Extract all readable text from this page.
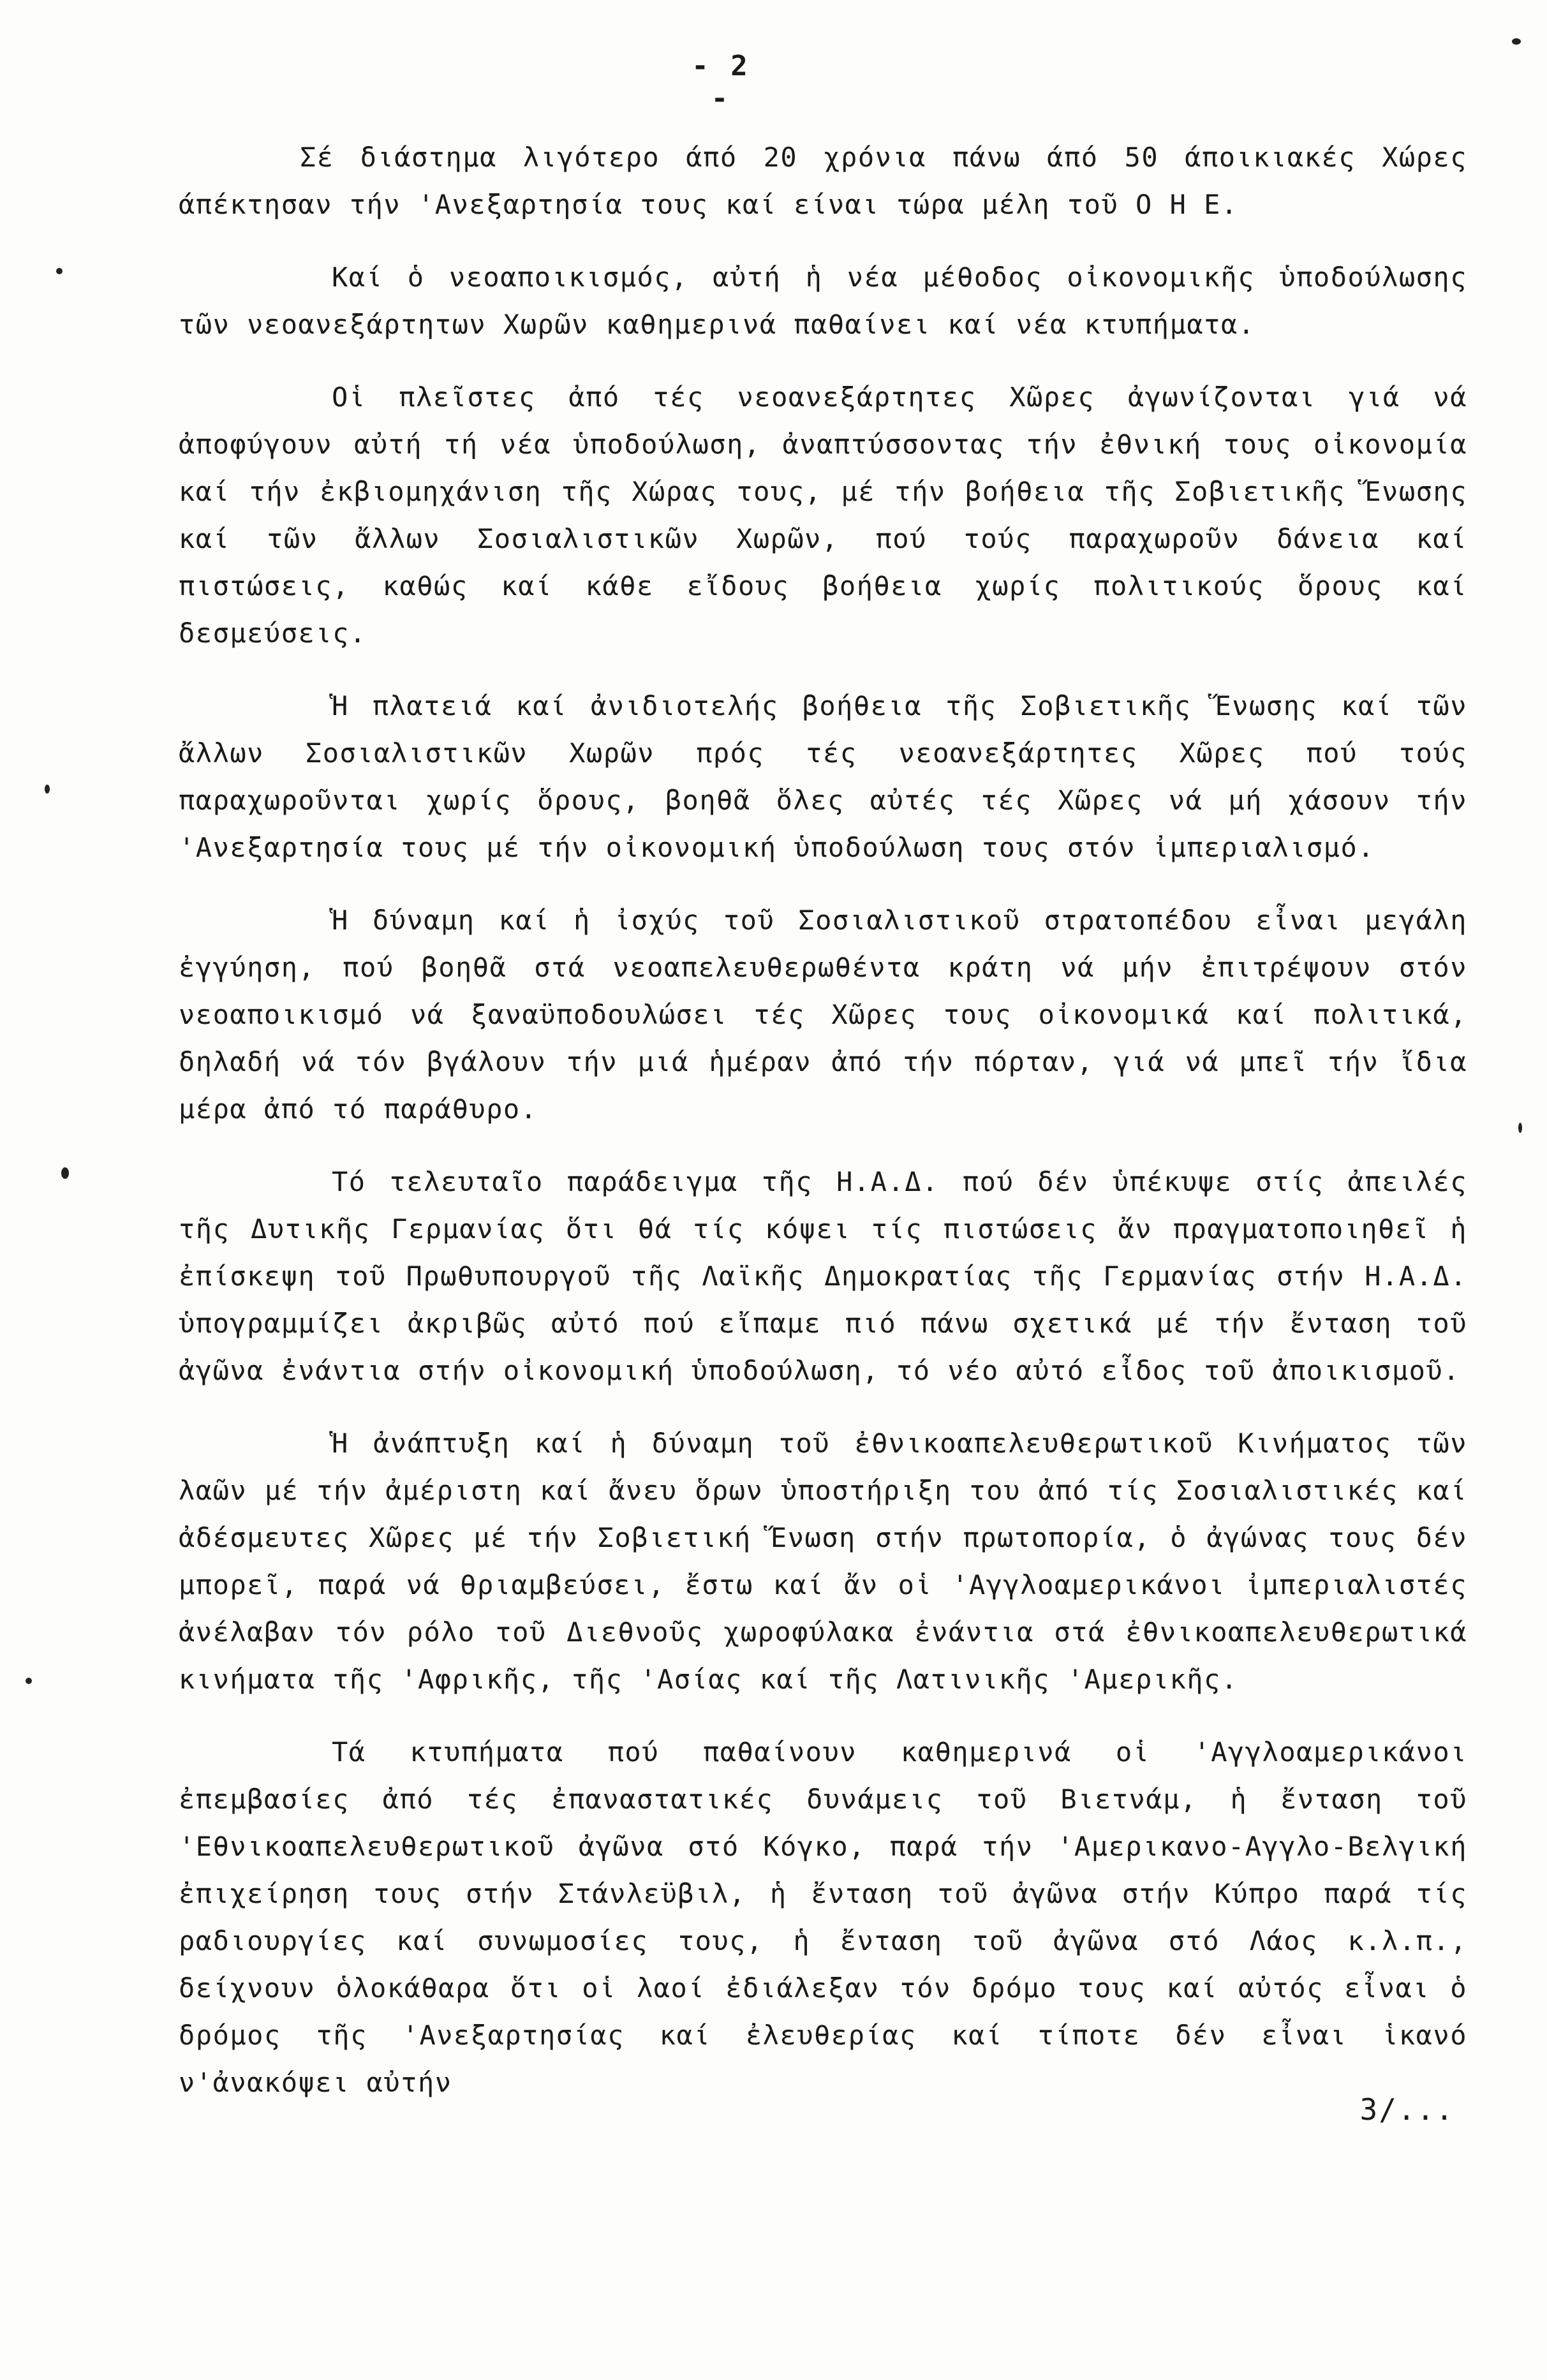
- 2 -

Σέ διάστημα λιγότερο άπό 20 χρόνια πάνω άπό 50 άποικιακές Χώρες άπέκτησαν τήν 'Ανεξαρτησία τους καί είναι τώρα μέλη τοῦ Ο Η Ε.

Καί ὁ νεοαποικισμός, αὐτή ἡ νέα μέθοδος οἰκονομικῆς ὑποδούλωσης τῶν νεοανεξάρτητων Χωρῶν καθημερινά παθαίνει καί νέα κτυπήματα.

Οἱ πλεῖστες ἀπό τές νεοανεξάρτητες Χῶρες ἀγωνίζονται γιά νά ἀποφύγουν αὐτή τή νέα ὑποδούλωση, ἀναπτύσσοντας τήν ἐθνική τους οἰκονομία καί τήν ἐκβιομηχάνιση τῆς Χώρας τους, μέ τήν βοήθεια τῆς Σοβιετικῆς Ἕνωσης καί τῶν ἄλλων Σοσιαλιστικῶν Χωρῶν, πού τούς παραχωροῦν δάνεια καί πιστώσεις, καθώς καί κάθε εἴδους βοήθεια χωρίς πολιτικούς ὅρους καί δεσμεύσεις.

Ἡ πλατειά καί ἀνιδιοτελής βοήθεια τῆς Σοβιετικῆς Ἕνωσης καί τῶν ἄλλων Σοσιαλιστικῶν Χωρῶν πρός τές νεοανεξάρτητες Χῶρες πού τούς παραχωροῦνται χωρίς ὅρους, βοηθᾶ ὅλες αὐτές τές Χῶρες νά μή χάσουν τήν 'Ανεξαρτησία τους μέ τήν οἰκονομική ὑποδούλωση τους στόν ἰμπεριαλισμό.

Ἡ δύναμη καί ἡ ἰσχύς τοῦ Σοσιαλιστικοῦ στρατοπέδου εἶναι μεγάλη ἐγγύηση, πού βοηθᾶ στά νεοαπελευθερωθέντα κράτη νά μήν ἐπιτρέψουν στόν νεοαποικισμό νά ξαναϋποδουλώσει τές Χῶρες τους οἰκονομικά καί πολιτικά, δηλαδή νά τόν βγάλουν τήν μιά ἡμέραν ἀπό τήν πόρταν, γιά νά μπεῖ τήν ἴδια μέρα ἀπό τό παράθυρο.

Τό τελευταῖο παράδειγμα τῆς Η.Α.Δ. πού δέν ὑπέκυψε στίς ἀπειλές τῆς Δυτικῆς Γερμανίας ὅτι θά τίς κόψει τίς πιστώσεις ἄν πραγματοποιηθεῖ ἡ ἐπίσκεψη τοῦ Πρωθυπουργοῦ τῆς Λαϊκῆς Δημοκρατίας τῆς Γερμανίας στήν Η.Α.Δ. ὑπογραμμίζει ἀκριβῶς αὐτό πού εἴπαμε πιό πάνω σχετικά μέ τήν ἔνταση τοῦ ἀγῶνα ἐνάντια στήν οἰκονομική ὑποδούλωση, τό νέο αὐτό εἶδος τοῦ ἀποικισμοῦ.

Ἡ ἀνάπτυξη καί ἡ δύναμη τοῦ ἐθνικοαπελευθερωτικοῦ Κινήματος τῶν λαῶν μέ τήν ἀμέριστη καί ἄνευ ὅρων ὑποστήριξη του ἀπό τίς Σοσιαλιστικές καί ἀδέσμευτες Χῶρες μέ τήν Σοβιετική Ἕνωση στήν πρωτοπορία, ὁ ἀγώνας τους δέν μπορεῖ, παρά νά θριαμβεύσει, ἔστω καί ἄν οἱ 'Αγγλοαμερικάνοι ἰμπεριαλιστές ἀνέλαβαν τόν ρόλο τοῦ Διεθνοῦς χωροφύλακα ἐνάντια στά ἐθνικοαπελευθερωτικά κινήματα τῆς 'Αφρικῆς, τῆς 'Ασίας καί τῆς Λατινικῆς 'Αμερικῆς.

Τά κτυπήματα πού παθαίνουν καθημερινά οἱ 'Αγγλοαμερικάνοι ἐπεμβασίες ἀπό τές ἐπαναστατικές δυνάμεις τοῦ Βιετνάμ, ἡ ἔνταση τοῦ 'Εθνικοαπελευθερωτικοῦ ἀγῶνα στό Κόγκο, παρά τήν 'Αμερικανο-Αγγλο-Βελγική ἐπιχείρηση τους στήν Στάνλεϋβιλ, ἡ ἔνταση τοῦ ἀγῶνα στήν Κύπρο παρά τίς ραδιουργίες καί συνωμοσίες τους, ἡ ἔνταση τοῦ ἀγῶνα στό Λάος κ.λ.π., δείχνουν ὁλοκάθαρα ὅτι οἱ λαοί ἐδιάλεξαν τόν δρόμο τους καί αὐτός εἶναι ὁ δρόμος τῆς 'Ανεξαρτησίας καί ἐλευθερίας καί τίποτε δέν εἶναι ἱκανό ν'ἀνακόψει αὐτήν

3/...
